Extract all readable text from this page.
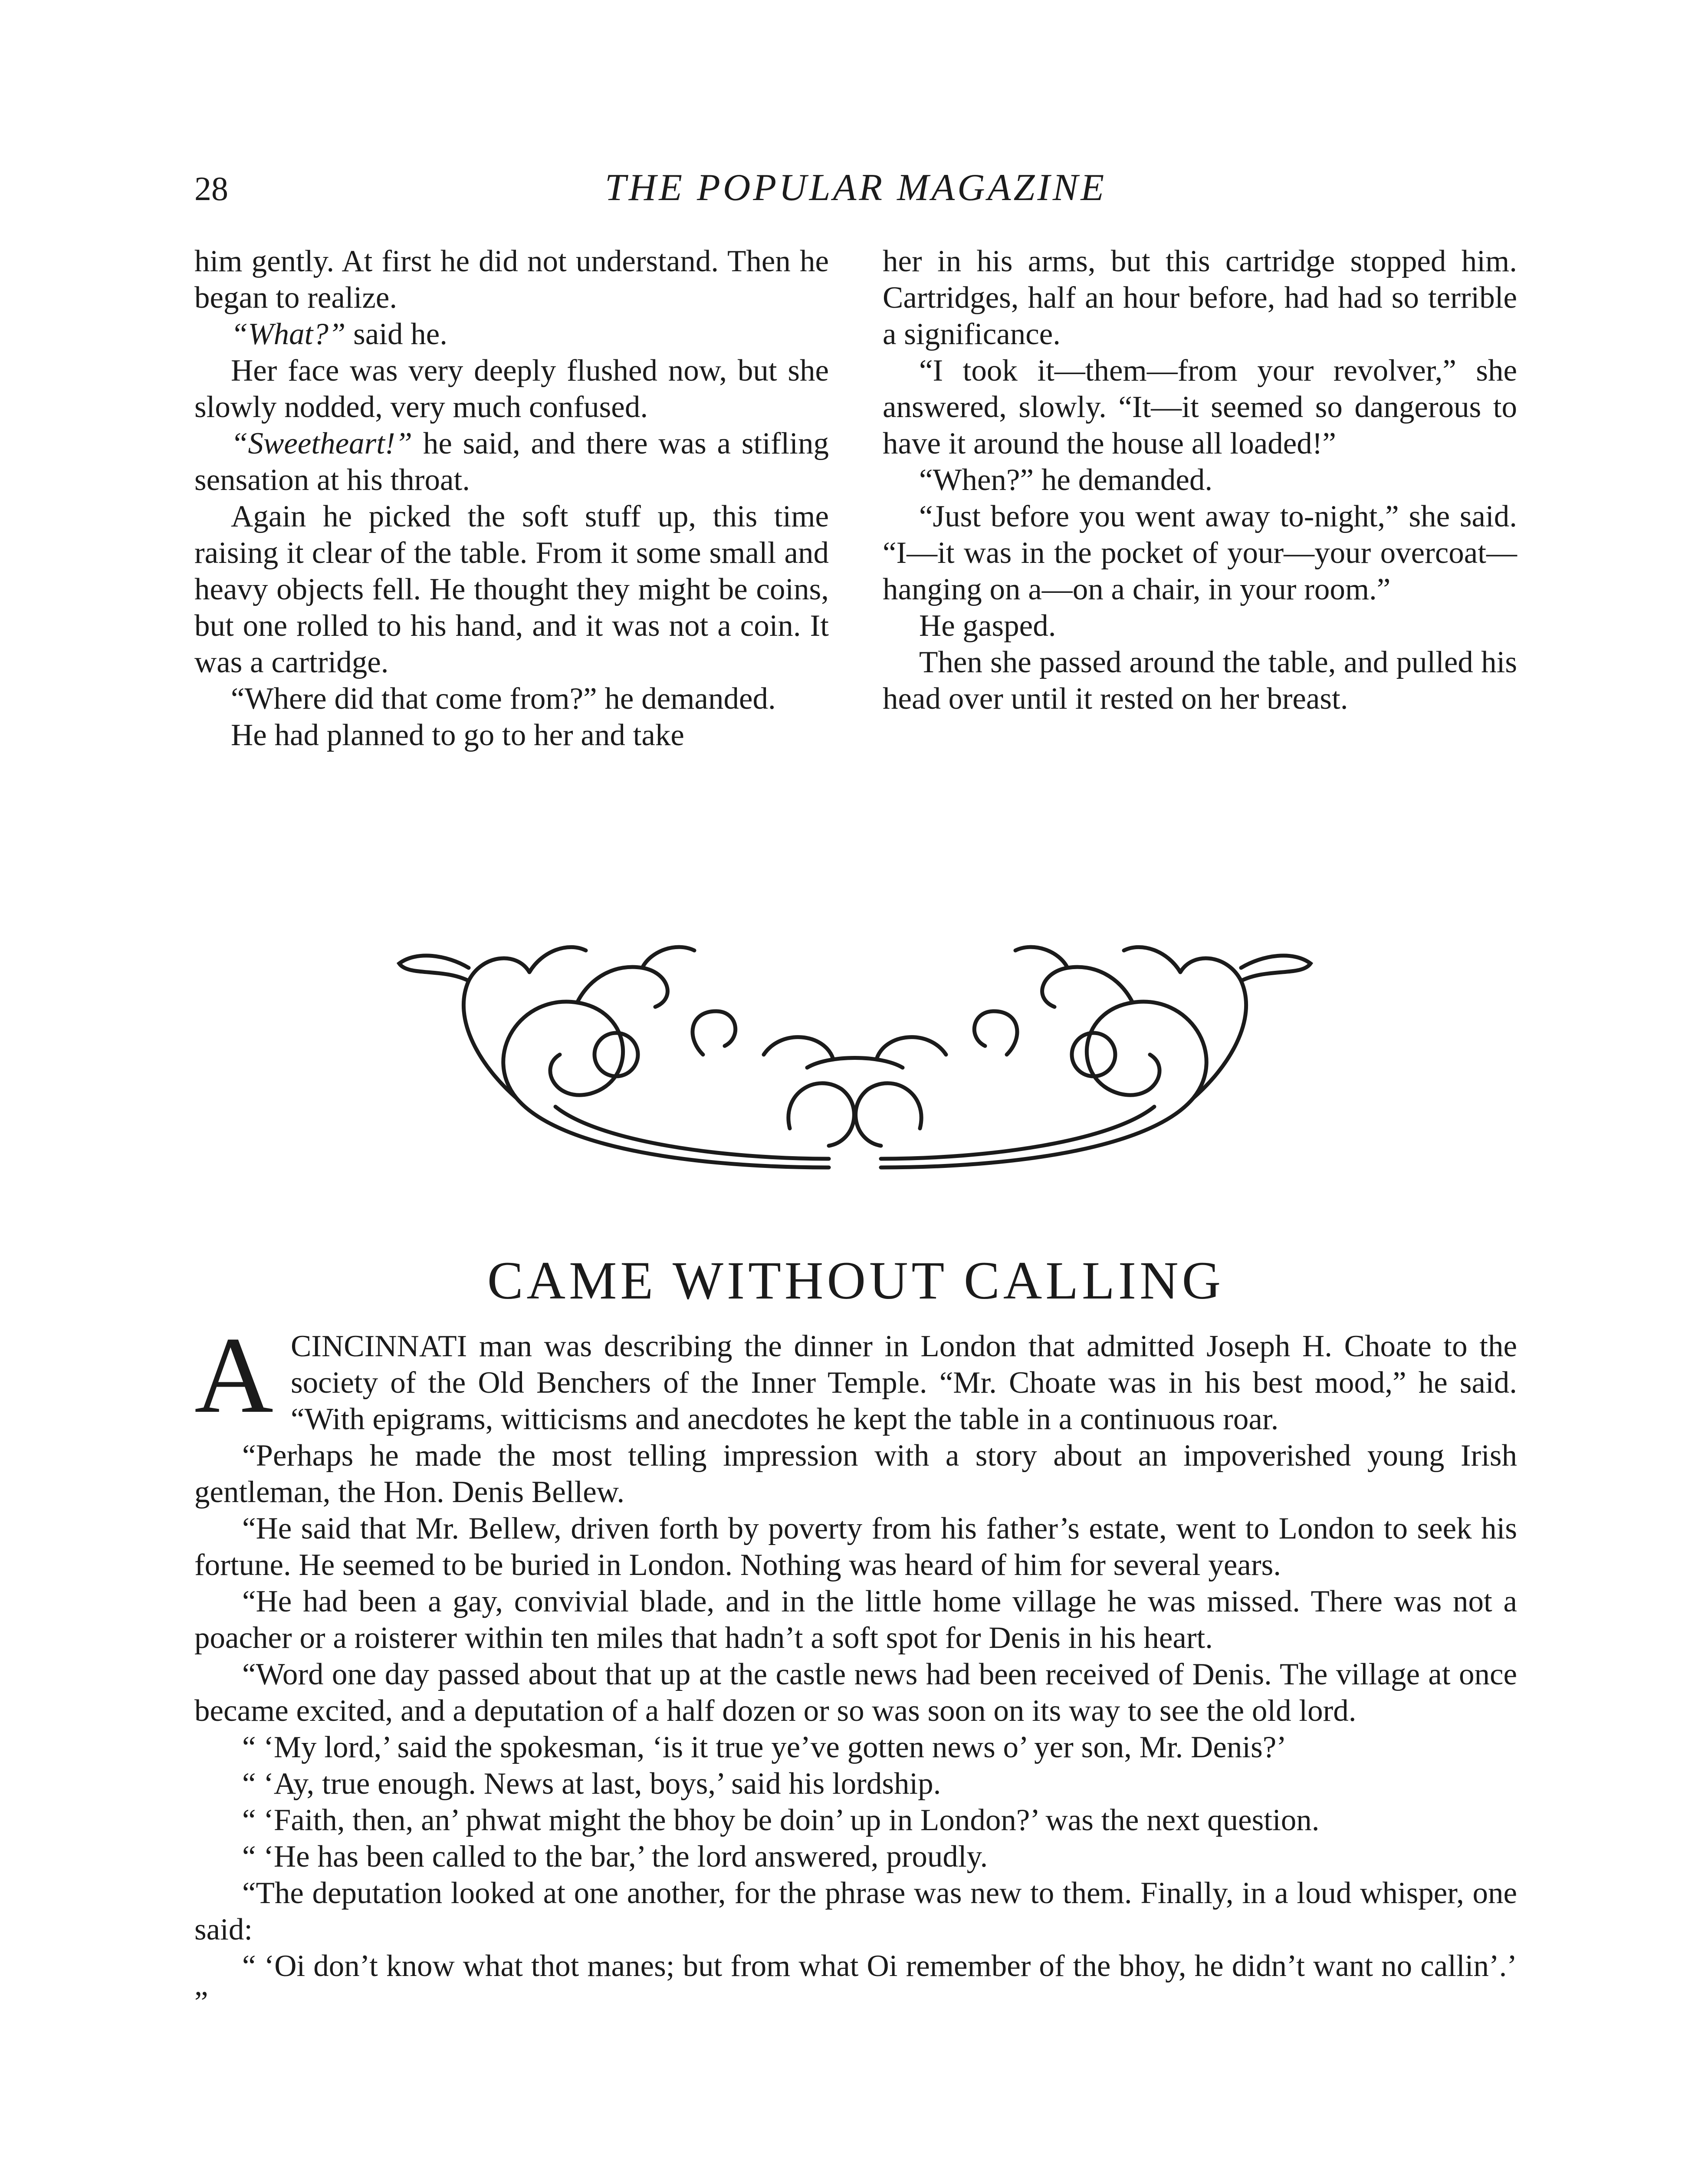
28	THE POPULAR MAGAZINE

him gently. At first he did not understand. Then he began to realize.

“What?” said he.

Her face was very deeply flushed now, but she slowly nodded, very much confused.

“Sweetheart!” he said, and there was a stifling sensation at his throat.

Again he picked the soft stuff up, this time raising it clear of the table. From it some small and heavy objects fell. He thought they might be coins, but one rolled to his hand, and it was not a coin. It was a cartridge.

“Where did that come from?” he demanded.

He had planned to go to her and take

her in his arms, but this cartridge stopped him. Cartridges, half an hour before, had had so terrible a significance.

“I took it—them—from your revolver,” she answered, slowly. “It—it seemed so dangerous to have it around the house all loaded!”

“When?” he demanded.

“Just before you went away to-night,” she said. “I—it was in the pocket of your—your overcoat—hanging on a—on a chair, in your room.”

He gasped.

Then she passed around the table, and pulled his head over until it rested on her breast.

CAME WITHOUT CALLING

ACINCINNATI man was describing the dinner in London that admitted Joseph H. Choate to the society of the Old Benchers of the Inner Temple. “Mr. Choate was in his best mood,” he said. “With epigrams, witticisms and anecdotes he kept the table in a continuous roar.

“Perhaps he made the most telling impression with a story about an impoverished young Irish gentleman, the Hon. Denis Bellew.

“He said that Mr. Bellew, driven forth by poverty from his father’s estate, went to London to seek his fortune. He seemed to be buried in London. Nothing was heard of him for several years.

“He had been a gay, convivial blade, and in the little home village he was missed. There was not a poacher or a roisterer within ten miles that hadn’t a soft spot for Denis in his heart.

“Word one day passed about that up at the castle news had been received of Denis. The village at once became excited, and a deputation of a half dozen or so was soon on its way to see the old lord.

“ ‘My lord,’ said the spokesman, ‘is it true ye’ve gotten news o’ yer son, Mr. Denis?’

“ ‘Ay, true enough. News at last, boys,’ said his lordship.

“ ‘Faith, then, an’ phwat might the bhoy be doin’ up in London?’ was the next question.

“ ‘He has been called to the bar,’ the lord answered, proudly.

“The deputation looked at one another, for the phrase was new to them. Finally, in a loud whisper, one said:

“ ‘Oi don’t know what thot manes; but from what Oi remember of the bhoy, he didn’t want no callin’.’ ”
